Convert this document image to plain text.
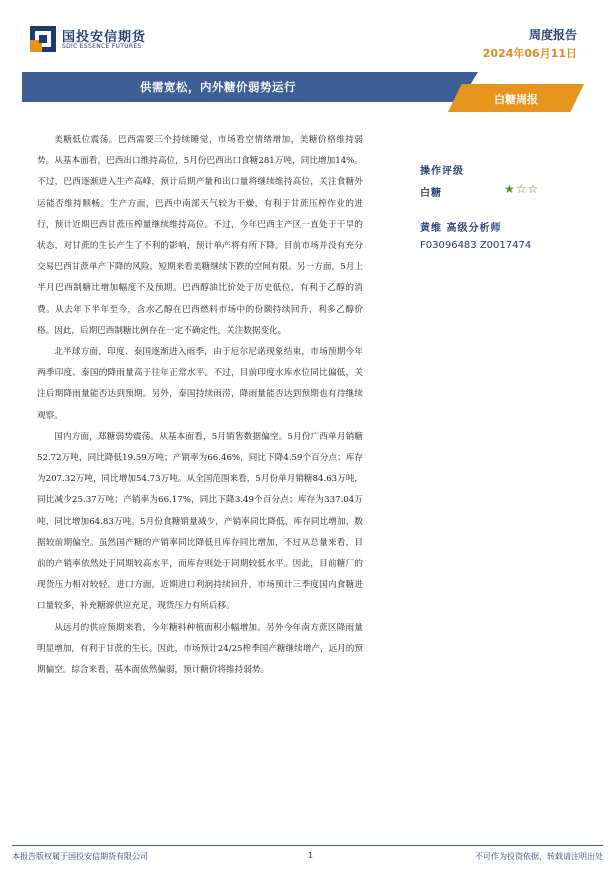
国投安信期货
SDIC ESSENCE FUTURES
周度报告
2024年06月11日
供需宽松，内外糖价弱势运行
白糖周报

美糖低位震荡。巴西需要三个持续睡觉，市场看空情绪增加，美糖价格维持弱势。从基本面看，巴西出口维持高位，5月份巴西出口食糖281万吨，同比增加14%。不过，巴西逐渐进入生产高峰，预计后期产量和出口量将继续维持高位，关注食糖外运能否维持顺畅。生产方面，巴西中南部天气较为干燥，有利于甘蔗压榨作业的进行，预计近期巴西甘蔗压榨量继续维持高位。不过，今年巴西主产区一直处于干旱的状态，对甘蔗的生长产生了不利的影响，预计单产将有所下降。目前市场并没有充分交易巴西甘蔗单产下降的风险，短期来看美糖继续下跌的空间有限。另一方面，5月上半月巴西制糖比增加幅度不及预期。巴西醇油比价处于历史低位，有利于乙醇的消费。从去年下半年至今，含水乙醇在巴西燃料市场中的份额持续回升，利多乙醇价格。因此，后期巴西制糖比例存在一定不确定性，关注数据变化。

北半球方面，印度、泰国逐渐进入雨季，由于厄尔尼诺现象结束，市场预期今年两季印度、泰国的降雨量高于往年正常水平。不过，目前印度水库水位同比偏低，关注后期降雨量能否达到预期。另外，泰国持续雨涝，降雨量能否达到预期也有待继续观察。

国内方面，郑糖弱势震荡。从基本面看，5月销售数据偏空。5月份广西单月销糖52.72万吨，同比降低19.59万吨；产销率为66.46%，同比下降4.59个百分点；库存为207.32万吨，同比增加54.73万吨。从全国范围来看，5月份单月销糖84.63万吨，同比减少25.37万吨；产销率为66.17%，同比下降3.49个百分点；库存为337.04万吨，同比增加64.83万吨。5月份食糖销量减少，产销率同比降低，库存同比增加，数据较前期偏空。虽然国产糖的产销率同比降低且库存同比增加，不过从总量来看，目前的产销率依然处于同期较高水平，而库存则处于同期较低水平。因此，目前糖厂的现货压力相对较轻。进口方面，近期进口利润持续回升，市场预计三季度国内食糖进口量较多，补充糖源供应充足，现货压力有所后移。

从远月的供应预期来看，今年糖料种植面积小幅增加。另外今年南方蔗区降雨量明显增加，有利于甘蔗的生长。因此，市场预计24/25榨季国产糖继续增产，远月的预期偏空。综合来看，基本面依然偏弱，预计糖价将维持弱势。

操作评级
白糖	★☆☆
黄维 高级分析师
F03096483 Z0017474
本报告版权属于国投安信期货有限公司	1	不可作为投资依据，转载请注明出处
